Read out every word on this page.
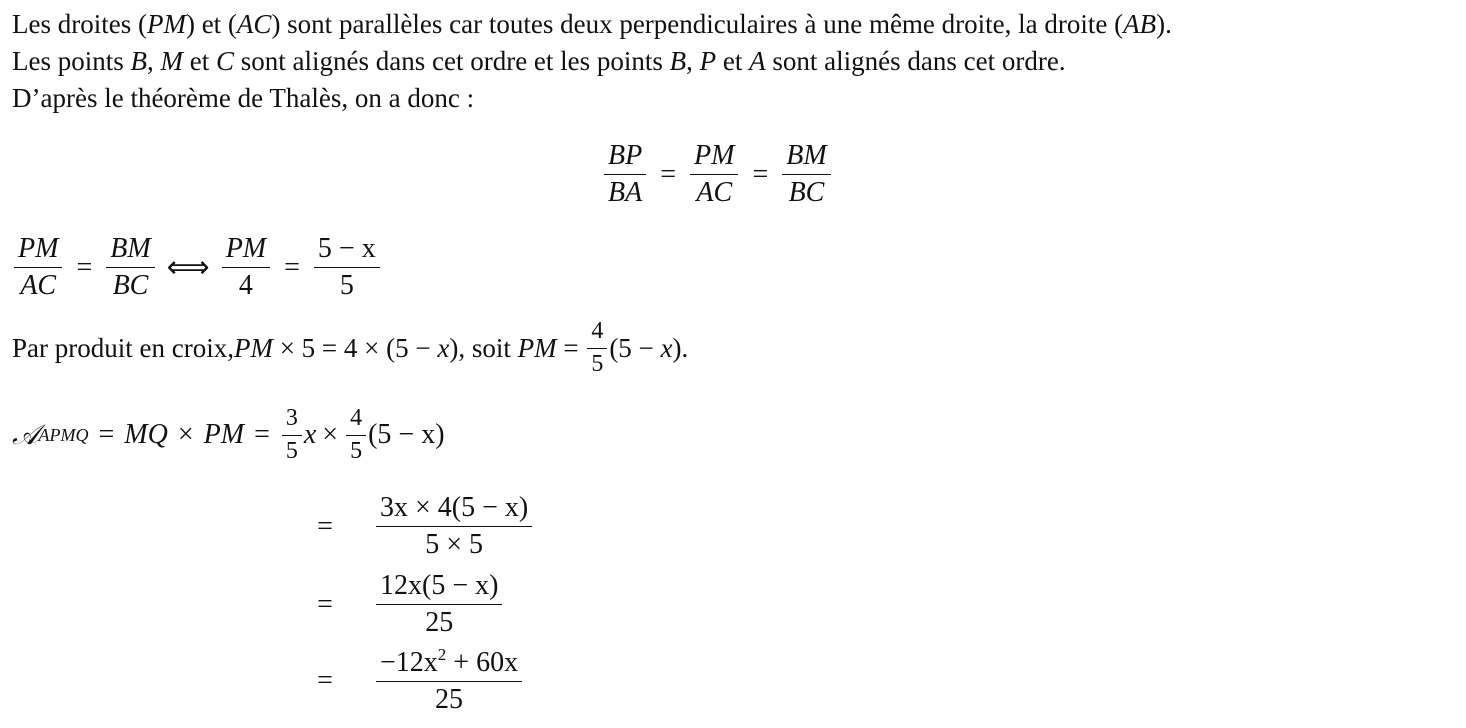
Les droites (PM) et (AC) sont parallèles car toutes deux perpendiculaires à une même droite, la droite (AB).
Les points B, M et C sont alignés dans cet ordre et les points B, P et A sont alignés dans cet ordre.
D’après le théorème de Thalès, on a donc :
$\frac{BP}{BA} = \frac{PM}{AC} = \frac{BM}{BC}$
$\frac{PM}{AC} = \frac{BM}{BC}$ ⟺ $\frac{PM}{4} = \frac{5 - x}{5}$
Par produit en croix, PM × 5 = 4 × (5 − x ), soit PM = $\frac{4}{5} (5 - x$ ).
𝒜 APMQ = MQ × PM = $\frac{3}{5}$ $x \times \frac{4}{5} (5 - x)$
=	$\frac{3x \times 4(5 - x)}{5 \times 5}$
=	$\frac{12x(5 - x)}{25}$
=	$\frac{-12x^2 + 60x}{25}$
